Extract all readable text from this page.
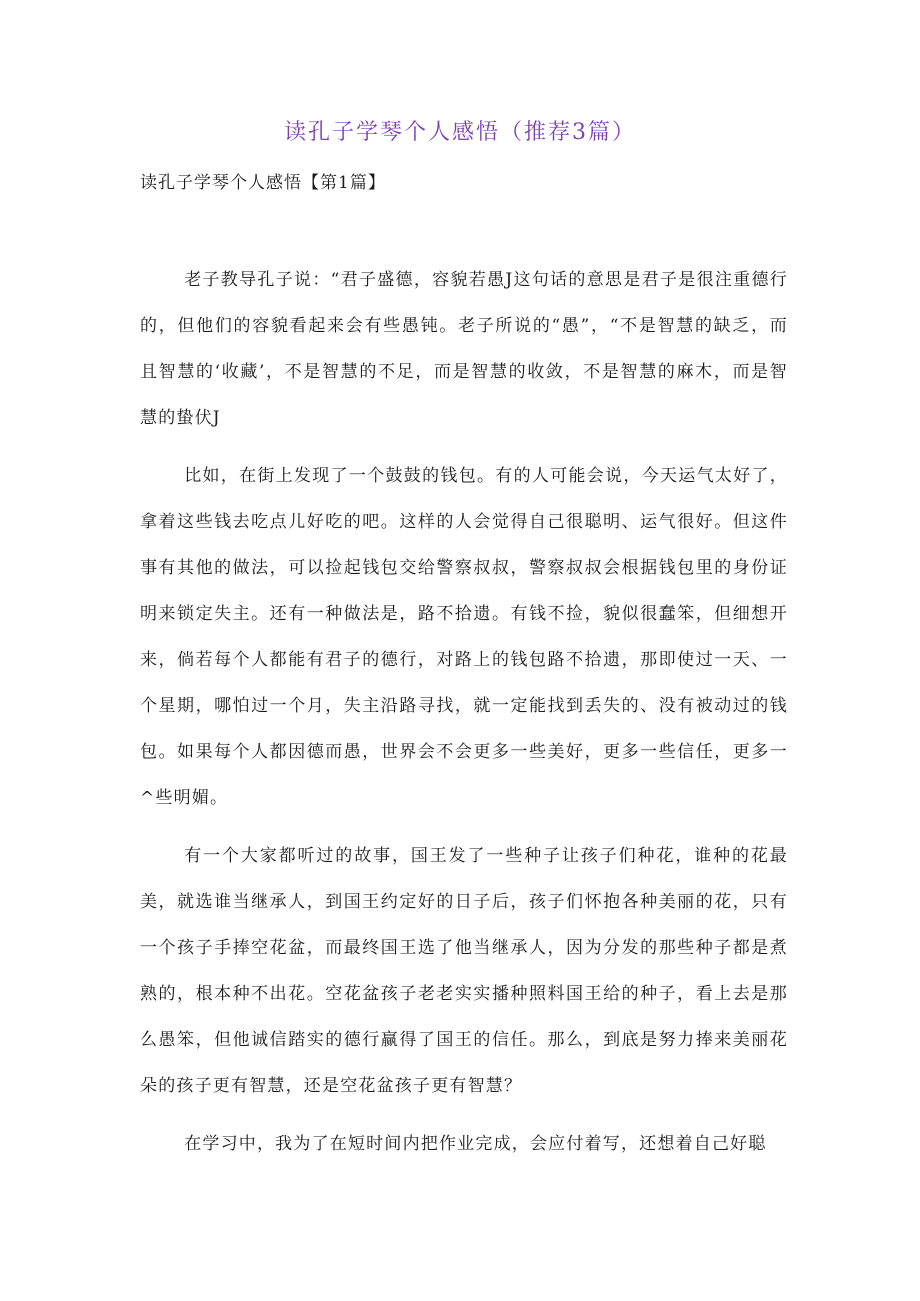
读孔子学琴个人感悟（推荐3篇）
读孔子学琴个人感悟【第1篇】

老子教导孔子说：“君子盛德，容貌若愚J这句话的意思是君子是很注重德行的，但他们的容貌看起来会有些愚钝。老子所说的“愚”，“不是智慧的缺乏，而且智慧的‘收藏’，不是智慧的不足，而是智慧的收敛，不是智慧的麻木，而是智慧的蛰伏J

比如，在街上发现了一个鼓鼓的钱包。有的人可能会说，今天运气太好了，拿着这些钱去吃点儿好吃的吧。这样的人会觉得自己很聪明、运气很好。但这件事有其他的做法，可以捡起钱包交给警察叔叔，警察叔叔会根据钱包里的身份证明来锁定失主。还有一种做法是，路不拾遗。有钱不捡，貌似很蠢笨，但细想开来，倘若每个人都能有君子的德行，对路上的钱包路不拾遗，那即使过一天、一个星期，哪怕过一个月，失主沿路寻找，就一定能找到丢失的、没有被动过的钱包。如果每个人都因德而愚，世界会不会更多一些美好，更多一些信任，更多一^些明媚。

有一个大家都听过的故事，国王发了一些种子让孩子们种花，谁种的花最美，就选谁当继承人，到国王约定好的日子后，孩子们怀抱各种美丽的花，只有一个孩子手捧空花盆，而最终国王选了他当继承人，因为分发的那些种子都是煮熟的，根本种不出花。空花盆孩子老老实实播种照料国王给的种子，看上去是那么愚笨，但他诚信踏实的德行赢得了国王的信任。那么，到底是努力捧来美丽花朵的孩子更有智慧，还是空花盆孩子更有智慧？

在学习中，我为了在短时间内把作业完成，会应付着写，还想着自己好聪
